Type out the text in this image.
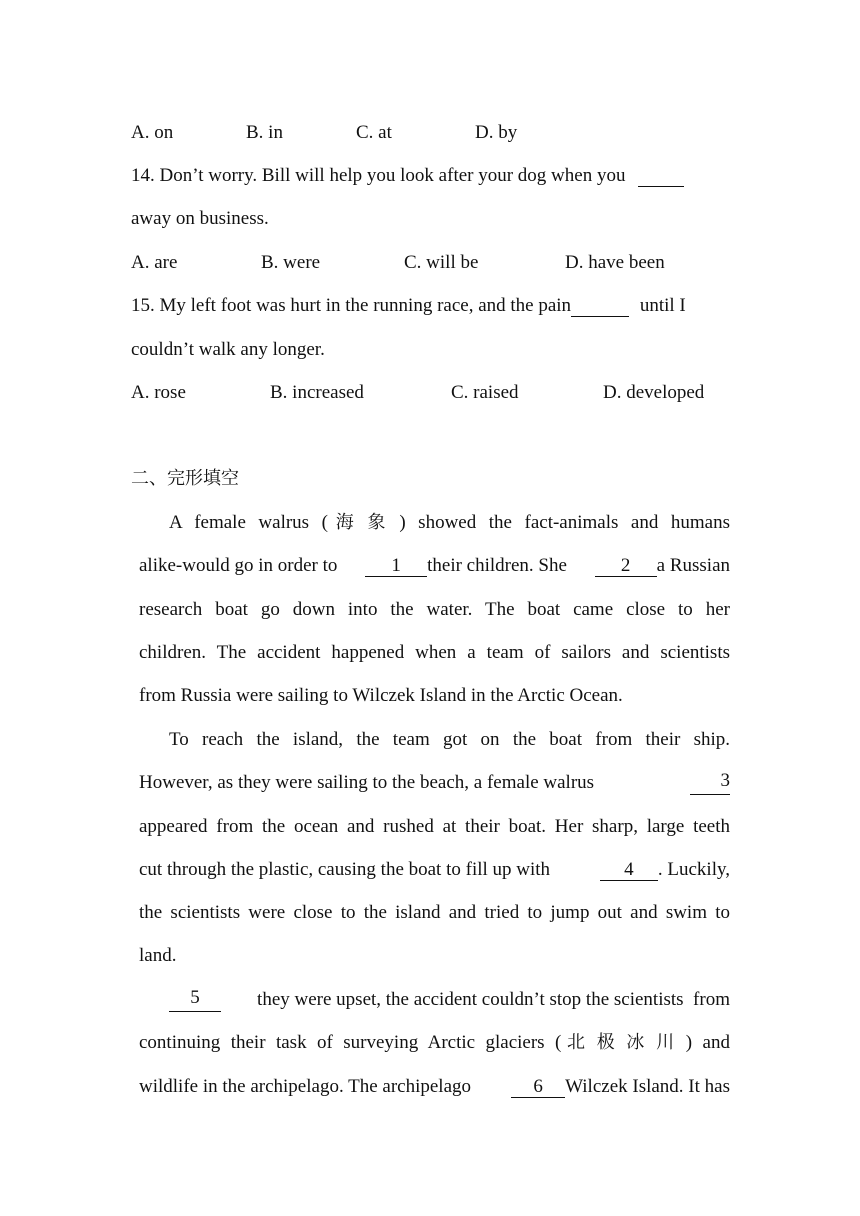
A. on	B. in	C. at	D. by
14. Don’t worry. Bill will help you look after your dog when you
away on business.
A. are	B. were	C. will be	D. have been
15. My left foot was hurt in the running race, and the pain	until I
couldn’t walk any longer.
A. rose	B. increased	C. raised	D. developed
二、完形填空
A female walrus (海象) showed the fact-animals and humans
alike-would go in order to	1 their children. She	2 a Russian
research boat go down into the water. The boat came close to her
children. The accident happened when a team of sailors and scientists
from Russia were sailing to Wilczek Island in the Arctic Ocean.
To reach the island, the team got on the boat from their ship.
However, as they were sailing to the beach, a female walrus	3
appeared from the ocean and rushed at their boat. Her sharp, large teeth
cut through the plastic, causing the boat to fill up with	4 . Luckily,
the scientists were close to the island and tried to jump out and swim to
land.
5	they were upset, the accident couldn’t stop the scientists  from
continuing their task of surveying Arctic glaciers (北极冰川) and
wildlife in the archipelago. The archipelago	6 Wilczek Island. It has
